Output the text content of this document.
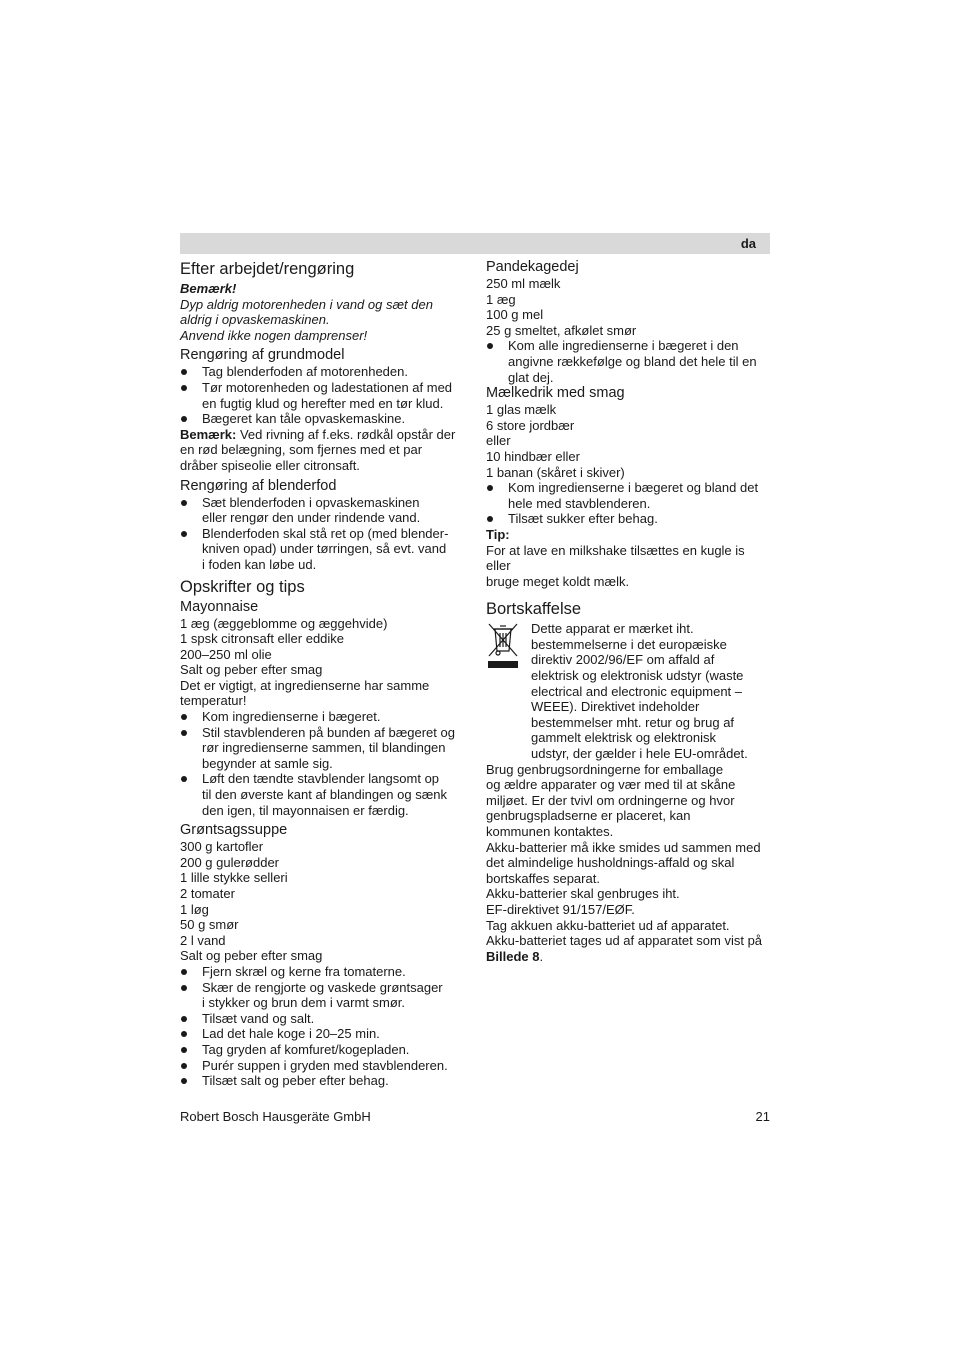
da
Efter arbejdet/rengøring

Bemærk!

Dyp aldrig motorenheden i vand og sæt den

aldrig i opvaskemaskinen.

Anvend ikke nogen damprenser!

Rengøring af grundmodel
Tag blenderfoden af motorenheden.
Tør motorenheden og ladestationen af med
en fugtig klud og herefter med en tør klud.
Bægeret kan tåle opvaskemaskine.

Bemærk: Ved rivning af f.eks. rødkål opstår der

en rød belægning, som fjernes med et par

dråber spiseolie eller citronsaft.

Rengøring af blenderfod
Sæt blenderfoden i opvaskemaskinen
eller rengør den under rindende vand.
Blenderfoden skal stå ret op (med blender-
kniven opad) under tørringen, så evt. vand
i foden kan løbe ud.
Opskrifter og tips
Mayonnaise

1 æg (æggeblomme og æggehvide)

1 spsk citronsaft eller eddike

200–250 ml olie

Salt og peber efter smag

Det er vigtigt, at ingredienserne har samme

temperatur!

Kom ingredienserne i bægeret.
Stil stavblenderen på bunden af bægeret og
rør ingredienserne sammen, til blandingen
begynder at samle sig.
Løft den tændte stavblender langsomt op
til den øverste kant af blandingen og sænk
den igen, til mayonnaisen er færdig.
Grøntsagssuppe

300 g kartofler

200 g gulerødder

1 lille stykke selleri

2 tomater

1 løg

50 g smør

2 l vand

Salt og peber efter smag

Fjern skræl og kerne fra tomaterne.
Skær de rengjorte og vaskede grøntsager
i stykker og brun dem i varmt smør.
Tilsæt vand og salt.
Lad det hale koge i 20–25 min.
Tag gryden af komfuret/kogepladen.
Purér suppen i gryden med stavblenderen.
Tilsæt salt og peber efter behag.
Pandekagedej

250 ml mælk

1 æg

100 g mel

25 g smeltet, afkølet smør

Kom alle ingredienserne i bægeret i den
angivne rækkefølge og bland det hele til en
glat dej.
Mælkedrik med smag

1 glas mælk

6 store jordbær

eller

10 hindbær eller

1 banan (skåret i skiver)

Kom ingredienserne i bægeret og bland det
hele med stavblenderen.
Tilsæt sukker efter behag.

Tip:

For at lave en milkshake tilsættes en kugle is eller

bruge meget koldt mælk.

Bortskaffelse

Dette apparat er mærket iht.

bestemmelserne i det europæiske

direktiv 2002/96/EF om affald af

elektrisk og elektronisk udstyr (waste

electrical and electronic equipment –

WEEE). Direktivet indeholder

bestemmelser mht. retur og brug af

gammelt elektrisk og elektronisk

udstyr, der gælder i hele EU-området.

Brug genbrugsordningerne for emballage

og ældre apparater og vær med til at skåne

miljøet. Er der tvivl om ordningerne og hvor

genbrugspladserne er placeret, kan

kommunen kontaktes.

Akku-batterier må ikke smides ud sammen med

det almindelige husholdnings-affald og skal

bortskaffes separat.

Akku-batterier skal genbruges iht.

EF-direktivet 91/157/EØF.

Tag akkuen akku-batteriet ud af apparatet.

Akku-batteriet tages ud af apparatet som vist på

Billede 8.

Robert Bosch Hausgeräte GmbH	21
